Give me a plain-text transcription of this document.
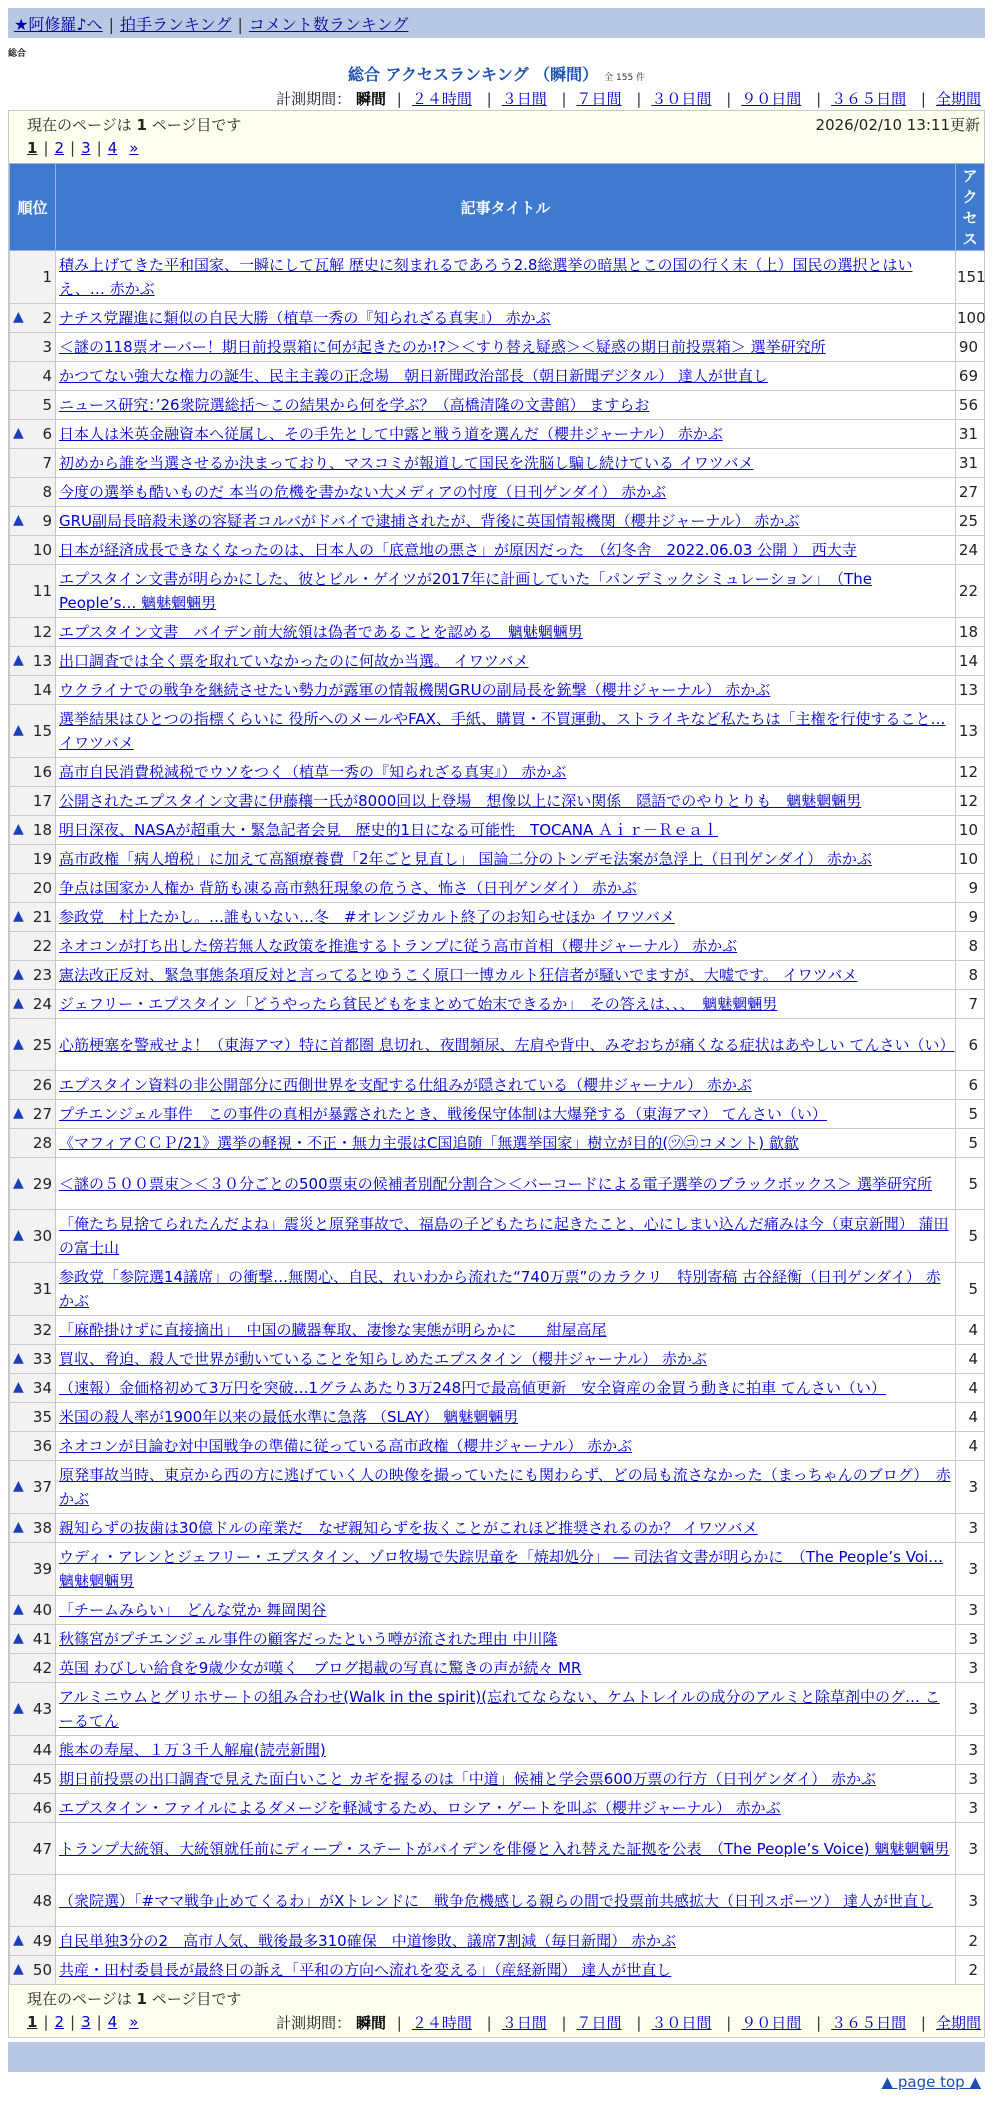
★阿修羅♪へ | 拍手ランキング | コメント数ランキング
総合
総合 アクセスランキング （瞬間） 全 155 件
計測期間： 瞬間 | ２４時間 | ３日間 | ７日間 | ３０日間 | ９０日間 | ３６５日間 | 全期間
現在のページは 1 ページ目です	2026/02/10 13:11更新
1 | 2 | 3 | 4 »
順位	記事タイトル	アクセス
1	積み上げてきた平和国家、一瞬にして瓦解 歴史に刻まれるであろう2.8総選挙の暗黒とこの国の行く末（上）国民の選択とはいえ、… 赤かぶ	151

▲ 2	ナチス党躍進に類似の自民大勝（植草一秀の『知られざる真実』） 赤かぶ	100
3	＜謎の118票オーバー！期日前投票箱に何が起きたのか!?＞＜すり替え疑惑＞＜疑惑の期日前投票箱＞ 選挙研究所	90
4	かつてない強大な権力の誕生、民主主義の正念場　朝日新聞政治部長（朝日新聞デジタル） 達人が世直し	69
5	ニュース研究：’26衆院選総括〜この結果から何を学ぶ？（高橋清隆の文書館） ますらお	56

▲ 6	日本人は米英金融資本へ従属し、その手先として中露と戦う道を選んだ（櫻井ジャーナル） 赤かぶ	31
7	初めから誰を当選させるか決まっており、マスコミが報道して国民を洗脳し騙し続けている イワツバメ	31
8	今度の選挙も酷いものだ 本当の危機を書かない大メディアの忖度（日刊ゲンダイ） 赤かぶ	27

▲ 9	GRU副局長暗殺未遂の容疑者コルバがドバイで逮捕されたが、背後に英国情報機関（櫻井ジャーナル） 赤かぶ	25
10	日本が経済成長できなくなったのは、日本人の「底意地の悪さ」が原因だった　（幻冬舎　2022.06.03 公開 ） 西大寺	24
11	エプスタイン文書が明らかにした、彼とビル・ゲイツが2017年に計画していた「パンデミックシミュレーション」　（The People’s… 魑魅魍魎男	22
12	エプスタイン文書　バイデン前大統領は偽者であることを認める　魑魅魍魎男	18

▲ 13	出口調査では全く票を取れていなかったのに何故か当選。 イワツバメ	14
14	ウクライナでの戦争を継続させたい勢力が露軍の情報機関GRUの副局長を銃撃（櫻井ジャーナル） 赤かぶ	13

▲ 15	選挙結果はひとつの指標くらいに 役所へのメールやFAX、手紙、購買・不買運動、ストライキなど私たちは「主権を行使すること… イワツバメ	13
16	高市自民消費税減税でウソをつく（植草一秀の『知られざる真実』） 赤かぶ	12
17	公開されたエプスタイン文書に伊藤穰一氏が8000回以上登場　想像以上に深い関係　隠語でのやりとりも　魑魅魍魎男	12

▲ 18	明日深夜、NASAが超重大・緊急記者会見　歴史的1日になる可能性　TOCANA Ａｉｒ－Ｒｅａｌ	10
19	高市政権「病人増税」に加えて高額療養費「2年ごと見直し」 国論二分のトンデモ法案が急浮上（日刊ゲンダイ） 赤かぶ	10
20	争点は国家か人権か 背筋も凍る高市熱狂現象の危うさ、怖さ（日刊ゲンダイ） 赤かぶ	9

▲ 21	参政党　村上たかし。…誰もいない…冬　#オレンジカルト終了のお知らせほか イワツバメ	9
22	ネオコンが打ち出した傍若無人な政策を推進するトランプに従う高市首相（櫻井ジャーナル） 赤かぶ	8

▲ 23	憲法改正反対、緊急事態条項反対と言ってるとゆうこく原口一博カルト狂信者が騒いでますが、大嘘です。 イワツバメ	8

▲ 24	ジェフリー・エプスタイン「どうやったら貧民どもをまとめて始末できるか」　その答えは、、、　魑魅魍魎男	7

▲ 25	心筋梗塞を警戒せよ！（東海アマ）特に首都圏 息切れ、夜間頻尿、左肩や背中、みぞおちが痛くなる症状はあやしい てんさい（い）	6
26	エプスタイン資料の非公開部分に西側世界を支配する仕組みが隠されている（櫻井ジャーナル） 赤かぶ	6

▲ 27	プチエンジェル事件　この事件の真相が暴露されたとき、戦後保守体制は大爆発する（東海アマ） てんさい（い）	5
28	《マフィアＣＣＰ/21》選挙の軽視・不正・無力主張はC国追随「無選挙国家」樹立が目的(㋡㋙コメント) 歙歙	5

▲ 29	＜謎の５００票束＞＜３０分ごとの500票束の候補者別配分割合＞＜バーコードによる電子選挙のブラックボックス＞ 選挙研究所	5

▲ 30	「俺たち見捨てられたんだよね」震災と原発事故で、福島の子どもたちに起きたこと、心にしまい込んだ痛みは今（東京新聞） 蒲田の富士山	5
31	参政党「参院選14議席」の衝撃…無関心、自民、れいわから流れた“740万票”のカラクリ　特別寄稿 古谷経衡（日刊ゲンダイ） 赤かぶ	5
32	「麻酔掛けずに直接摘出」　中国の臓器奪取、凄惨な実態が明らかに　　紺屋高尾	4

▲ 33	買収、脅迫、殺人で世界が動いていることを知らしめたエプスタイン（櫻井ジャーナル） 赤かぶ	4

▲ 34	（速報）金価格初めて3万円を突破…1グラムあたり3万248円で最高値更新　安全資産の金買う動きに拍車 てんさい（い）	4
35	米国の殺人率が1900年以来の最低水準に急落 （SLAY） 魑魅魍魎男	4
36	ネオコンが目論む対中国戦争の準備に従っている高市政権（櫻井ジャーナル） 赤かぶ	4

▲ 37	原発事故当時、東京から西の方に逃げていく人の映像を撮っていたにも関わらず、どの局も流さなかった（まっちゃんのブログ）　赤かぶ	3

▲ 38	親知らずの抜歯は30億ドルの産業だ　なぜ親知らずを抜くことがこれほど推奨されるのか？ イワツバメ	3
39	ウディ・アレンとジェフリー・エプスタイン、ゾロ牧場で失踪児童を「焼却処分」 ― 司法省文書が明らかに　（The People’s Voi… 魑魅魍魎男	3

▲ 40	「チームみらい」　どんな党か 舞岡関谷	3

▲ 41	秋篠宮がプチエンジェル事件の顧客だったという噂が流された理由 中川隆	3
42	英国 わびしい給食を9歳少女が嘆く　ブログ掲載の写真に驚きの声が続々 MR	3

▲ 43	アルミニウムとグリホサートの組み合わせ(Walk in the spirit)(忘れてならない、ケムトレイルの成分のアルミと除草剤中のグ… こーるてん	3
44	熊本の寿屋、１万３千人解雇(読売新聞)	3
45	期日前投票の出口調査で見えた面白いこと カギを握るのは「中道」候補と学会票600万票の行方（日刊ゲンダイ） 赤かぶ	3
46	エプスタイン・ファイルによるダメージを軽減するため、ロシア・ゲートを叫ぶ（櫻井ジャーナル） 赤かぶ	3
47	トランプ大統領、大統領就任前にディープ・ステートがバイデンを俳優と入れ替えた証拠を公表　（The People’s Voice) 魑魅魍魎男	3
48	（衆院選）「#ママ戦争止めてくるわ」がXトレンドに　戦争危機感しる親らの間で投票前共感拡大（日刊スポーツ） 達人が世直し	3

▲ 49	自民単独3分の2　高市人気、戦後最多310確保　中道惨敗、議席7割減（毎日新聞） 赤かぶ	2

▲ 50	共産・田村委員長が最終日の訴え「平和の方向へ流れを変える」（産経新聞） 達人が世直し	2
現在のページは 1 ページ目です
1 | 2 | 3 | 4 »	計測期間： 瞬間 | ２４時間 | ３日間 | ７日間 | ３０日間 | ９０日間 | ３６５日間 | 全期間
▲ page top ▲
